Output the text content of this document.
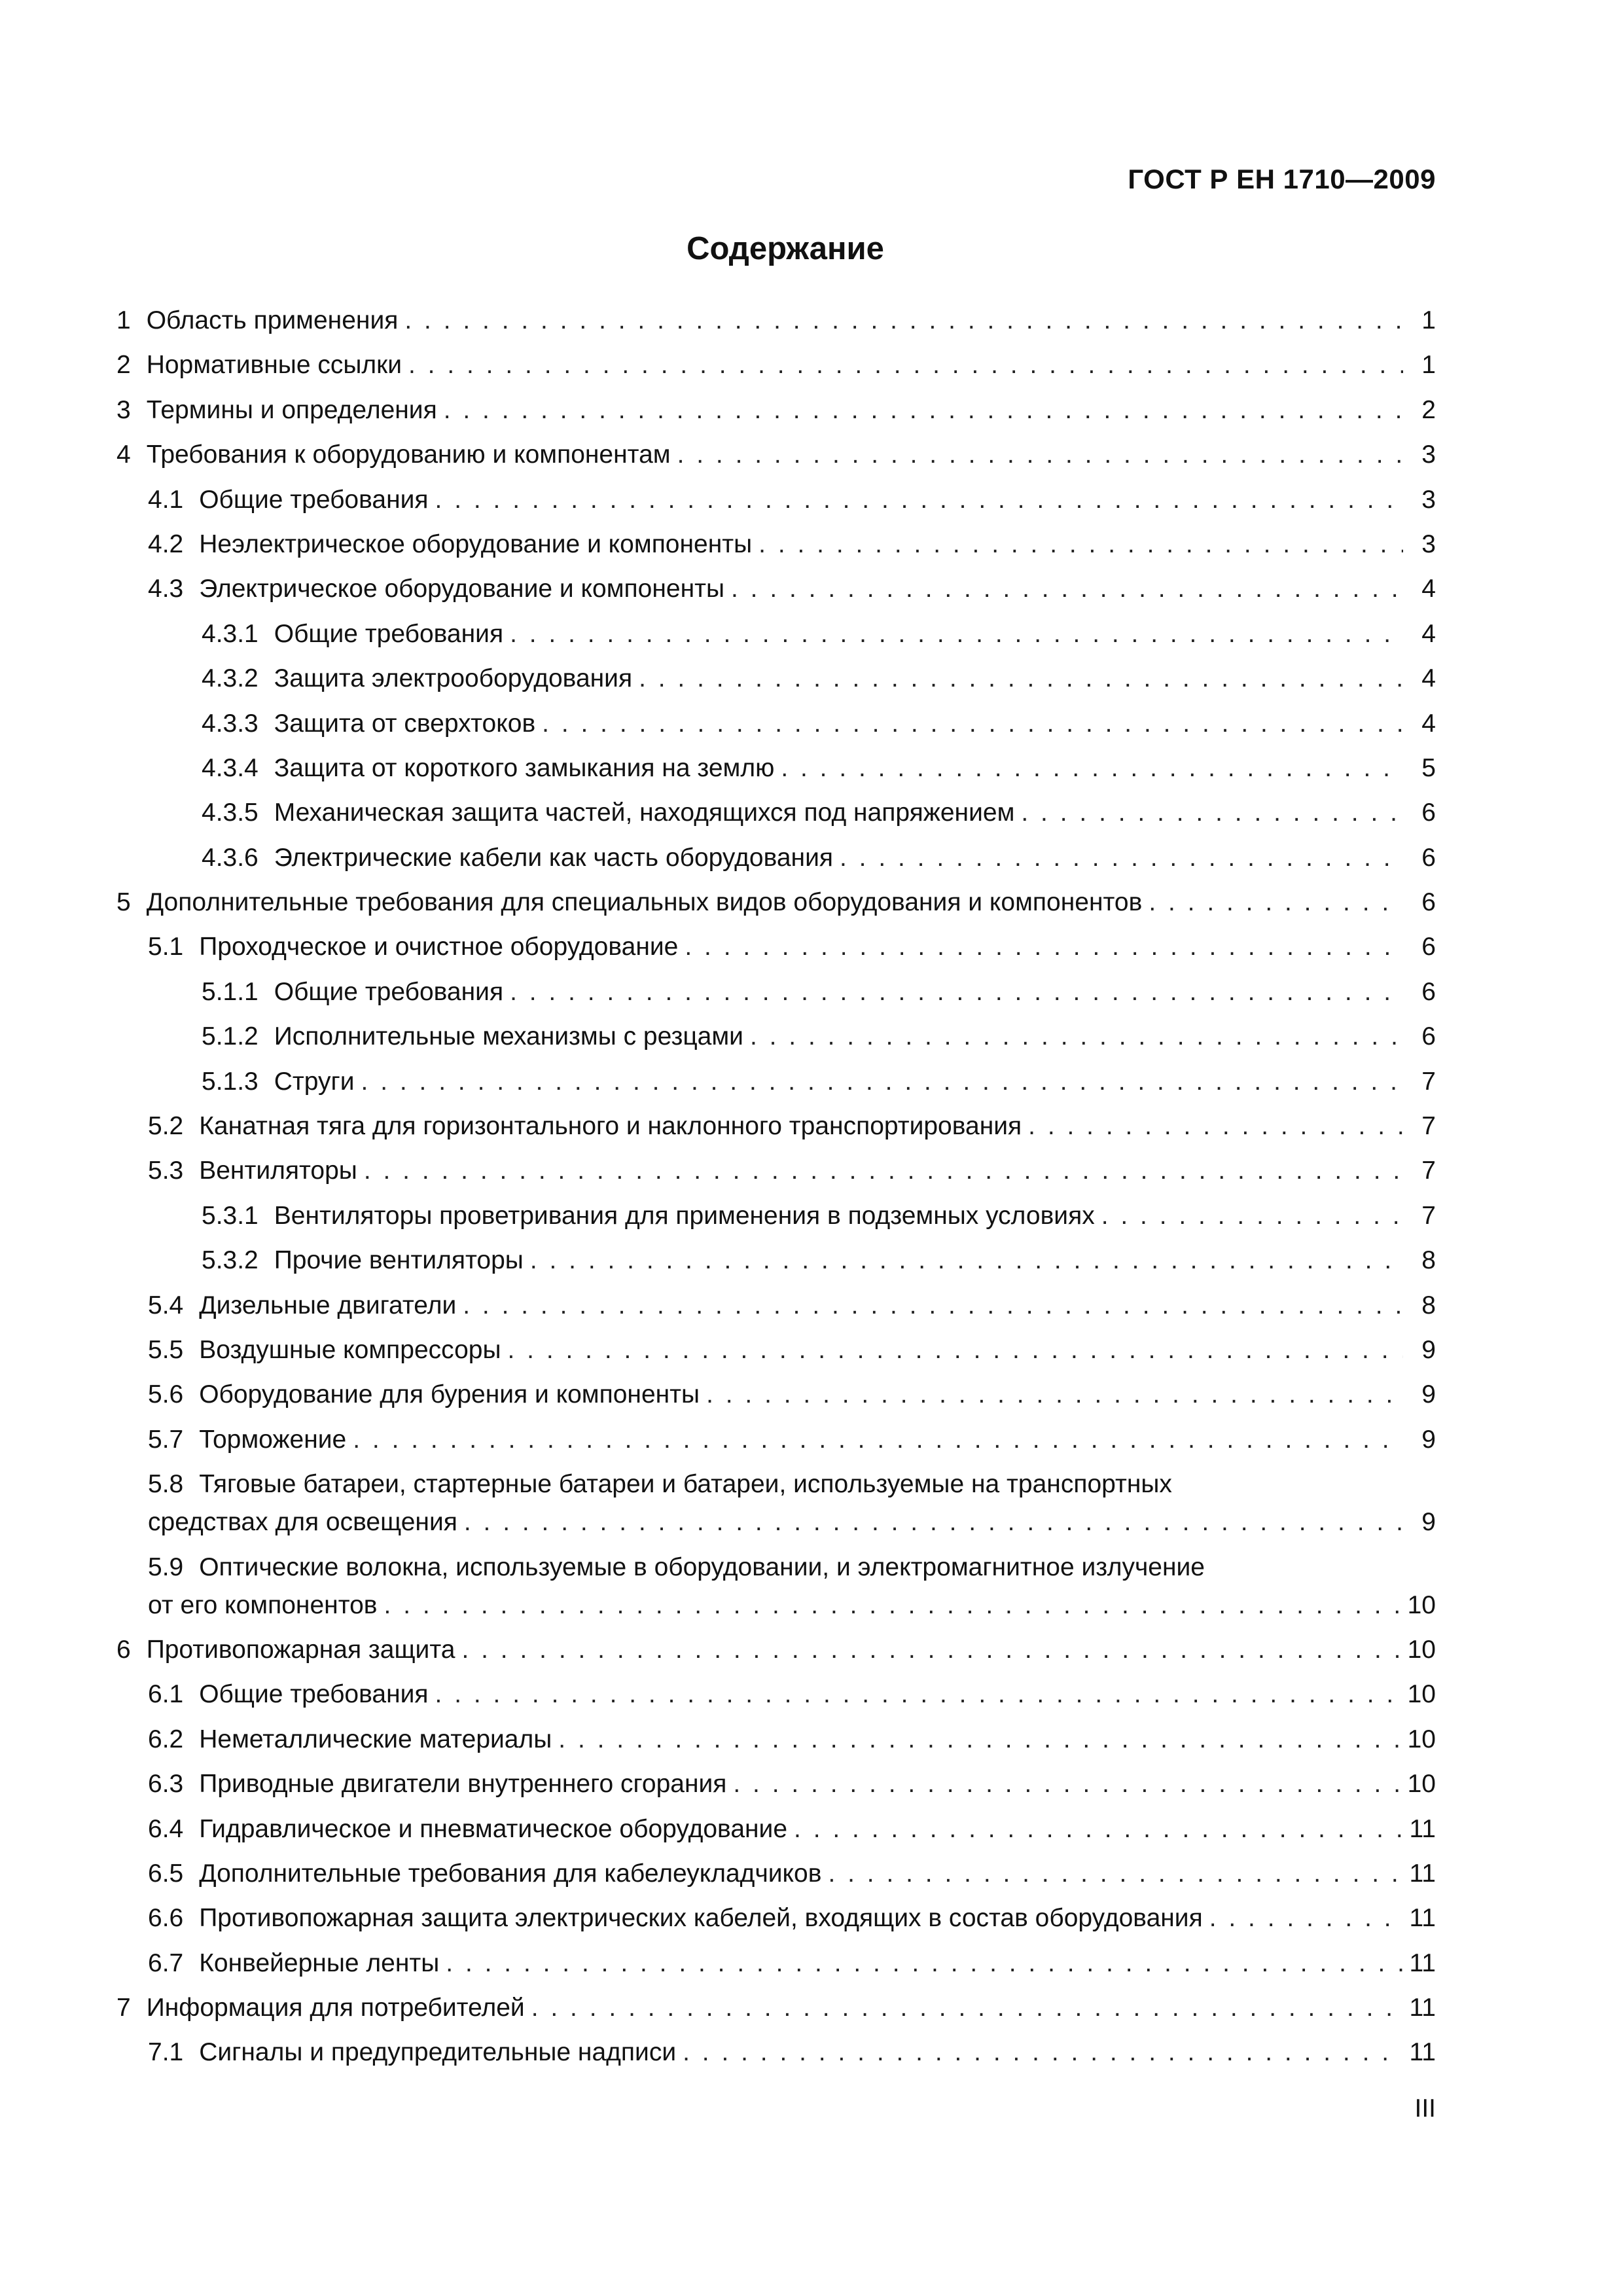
ГОСТ Р ЕН 1710—2009
Содержание
1 Область применения . . .	1
2 Нормативные ссылки . . .	1
3 Термины и определения . . .	2
4 Требования к оборудованию и компонентам . . .	3
4.1 Общие требования . . .	3
4.2 Неэлектрическое оборудование и компоненты . . .	3
4.3 Электрическое оборудование и компоненты . . .	4
4.3.1 Общие требования . . .	4
4.3.2 Защита электрооборудования . . .	4
4.3.3 Защита от сверхтоков . . .	4
4.3.4 Защита от короткого замыкания на землю . . .	5
4.3.5 Механическая защита частей, находящихся под напряжением . . .	6
4.3.6 Электрические кабели как часть оборудования . . .	6
5 Дополнительные требования для специальных видов оборудования и компонентов . . .	6
5.1 Проходческое и очистное оборудование . . .	6
5.1.1 Общие требования . . .	6
5.1.2 Исполнительные механизмы с резцами . . .	6
5.1.3 Струги . . .	7
5.2 Канатная тяга для горизонтального и наклонного транспортирования . . .	7
5.3 Вентиляторы . . .	7
5.3.1 Вентиляторы проветривания для применения в подземных условиях . . .	7
5.3.2 Прочие вентиляторы . . .	8
5.4 Дизельные двигатели . . .	8
5.5 Воздушные компрессоры . . .	9
5.6 Оборудование для бурения и компоненты . . .	9
5.7 Торможение . . .	9
5.8 Тяговые батареи, стартерные батареи и батареи, используемые на транспортных
средствах для освещения . . .	9
5.9 Оптические волокна, используемые в оборудовании, и электромагнитное излучение
от его компонентов . . .	10
6 Противопожарная защита . . .	10
6.1 Общие требования . . .	10
6.2 Неметаллические материалы . . .	10
6.3 Приводные двигатели внутреннего сгорания . . .	10
6.4 Гидравлическое и пневматическое оборудование . . .	11
6.5 Дополнительные требования для кабелеукладчиков . . .	11
6.6 Противопожарная защита электрических кабелей, входящих в состав оборудования . . .	11
6.7 Конвейерные ленты . . .	11
7 Информация для потребителей . . .	11
7.1 Сигналы и предупредительные надписи . . .	11
III
